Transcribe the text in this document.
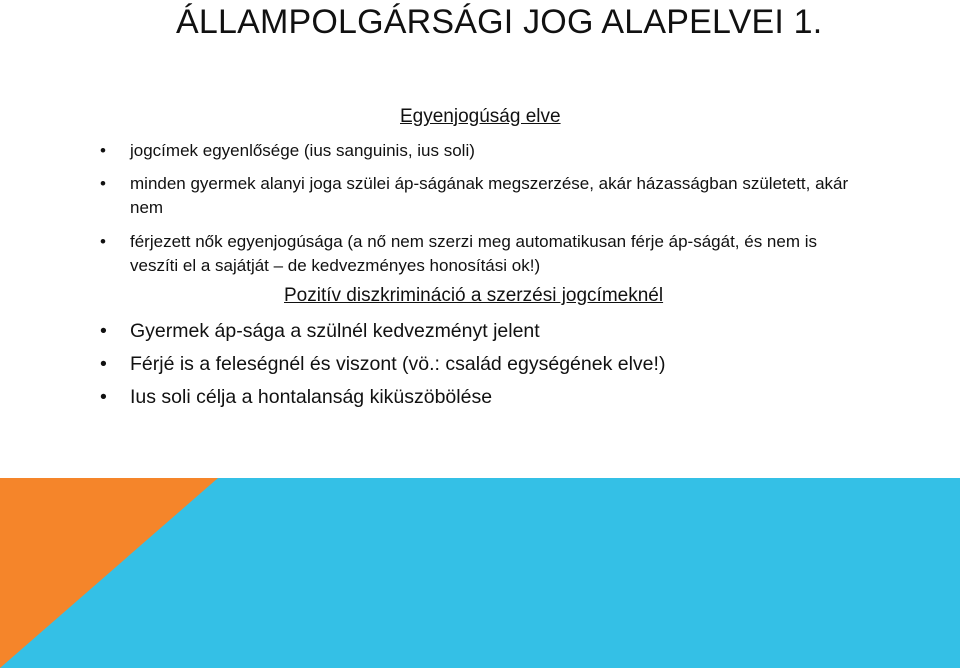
ÁLLAMPOLGÁRSÁGI JOG ALAPELVEI 1.
Egyenjogúság elve
•	jogcímek egyenlősége (ius sanguinis, ius soli)
•	minden gyermek alanyi joga szülei áp-ságának megszerzése, akár házasságban született, akár nem
•	férjezett nők egyenjogúsága (a nő nem szerzi meg automatikusan férje áp-ságát, és nem is veszíti el a sajátját – de kedvezményes honosítási ok!)
Pozitív diszkrimináció a szerzési jogcímeknél
•	Gyermek áp-sága a szülnél kedvezményt jelent
•	Férjé is a feleségnél és viszont (vö.: család egységének elve!)
•	Ius soli célja a hontalanság kiküszöbölése
